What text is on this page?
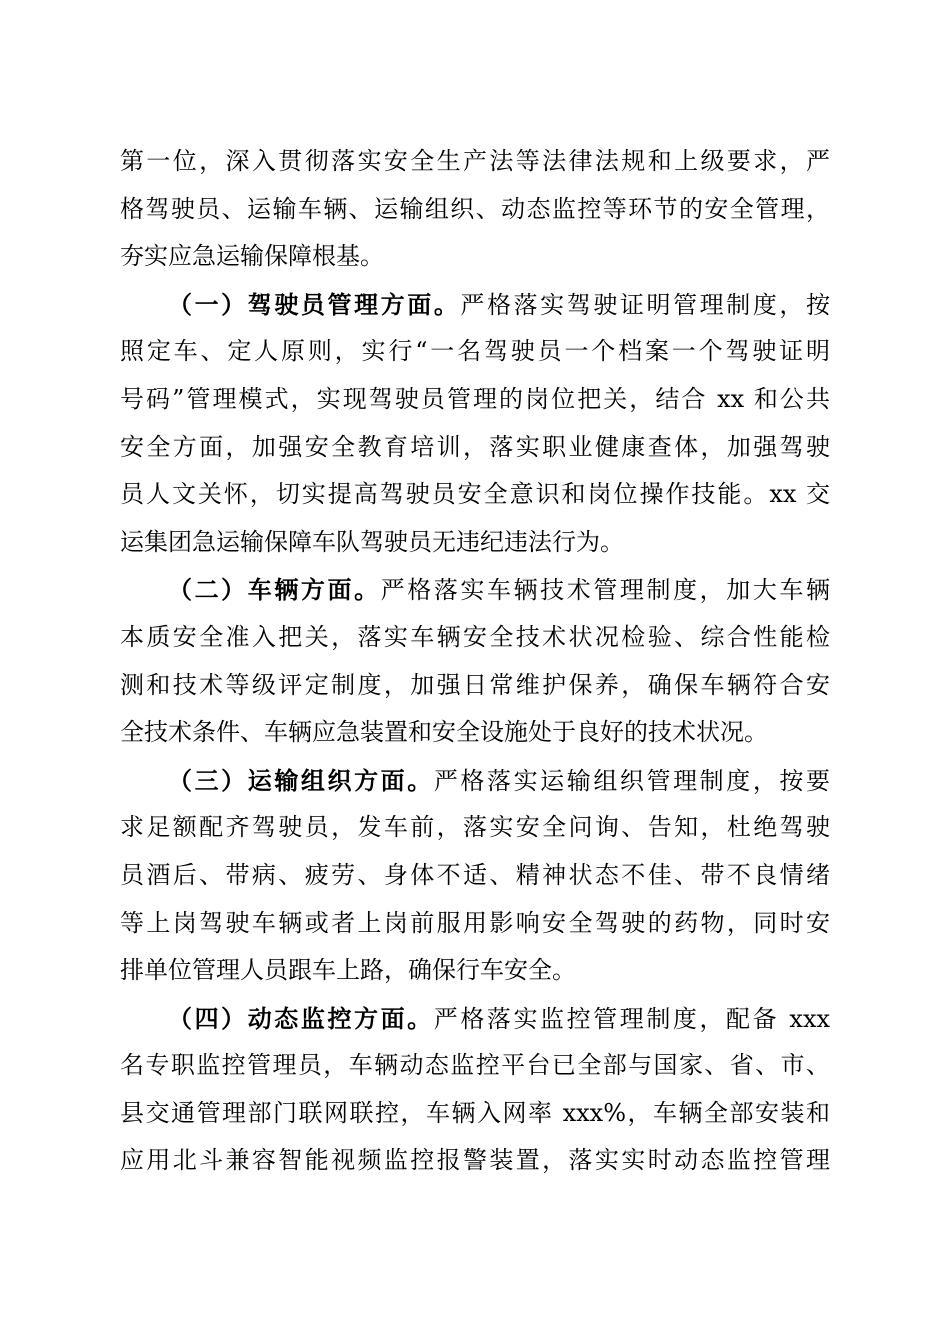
第一位，深入贯彻落实安全生产法等法律法规和上级要求，严
格驾驶员、运输车辆、运输组织、动态监控等环节的安全管理，
夯实应急运输保障根基。
（一）驾驶员管理方面。严格落实驾驶证明管理制度，按
照定车、定人原则，实行“一名驾驶员一个档案一个驾驶证明
号码”管理模式，实现驾驶员管理的岗位把关，结合 xx 和公共
安全方面，加强安全教育培训，落实职业健康查体，加强驾驶
员人文关怀，切实提高驾驶员安全意识和岗位操作技能。xx 交
运集团急运输保障车队驾驶员无违纪违法行为。
（二）车辆方面。严格落实车辆技术管理制度，加大车辆
本质安全准入把关，落实车辆安全技术状况检验、综合性能检
测和技术等级评定制度，加强日常维护保养，确保车辆符合安
全技术条件、车辆应急装置和安全设施处于良好的技术状况。
（三）运输组织方面。严格落实运输组织管理制度，按要
求足额配齐驾驶员，发车前，落实安全问询、告知，杜绝驾驶
员酒后、带病、疲劳、身体不适、精神状态不佳、带不良情绪
等上岗驾驶车辆或者上岗前服用影响安全驾驶的药物，同时安
排单位管理人员跟车上路，确保行车安全。
（四）动态监控方面。严格落实监控管理制度，配备 xxx
名专职监控管理员，车辆动态监控平台已全部与国家、省、市、
县交通管理部门联网联控，车辆入网率 xxx%，车辆全部安装和
应用北斗兼容智能视频监控报警装置，落实实时动态监控管理
